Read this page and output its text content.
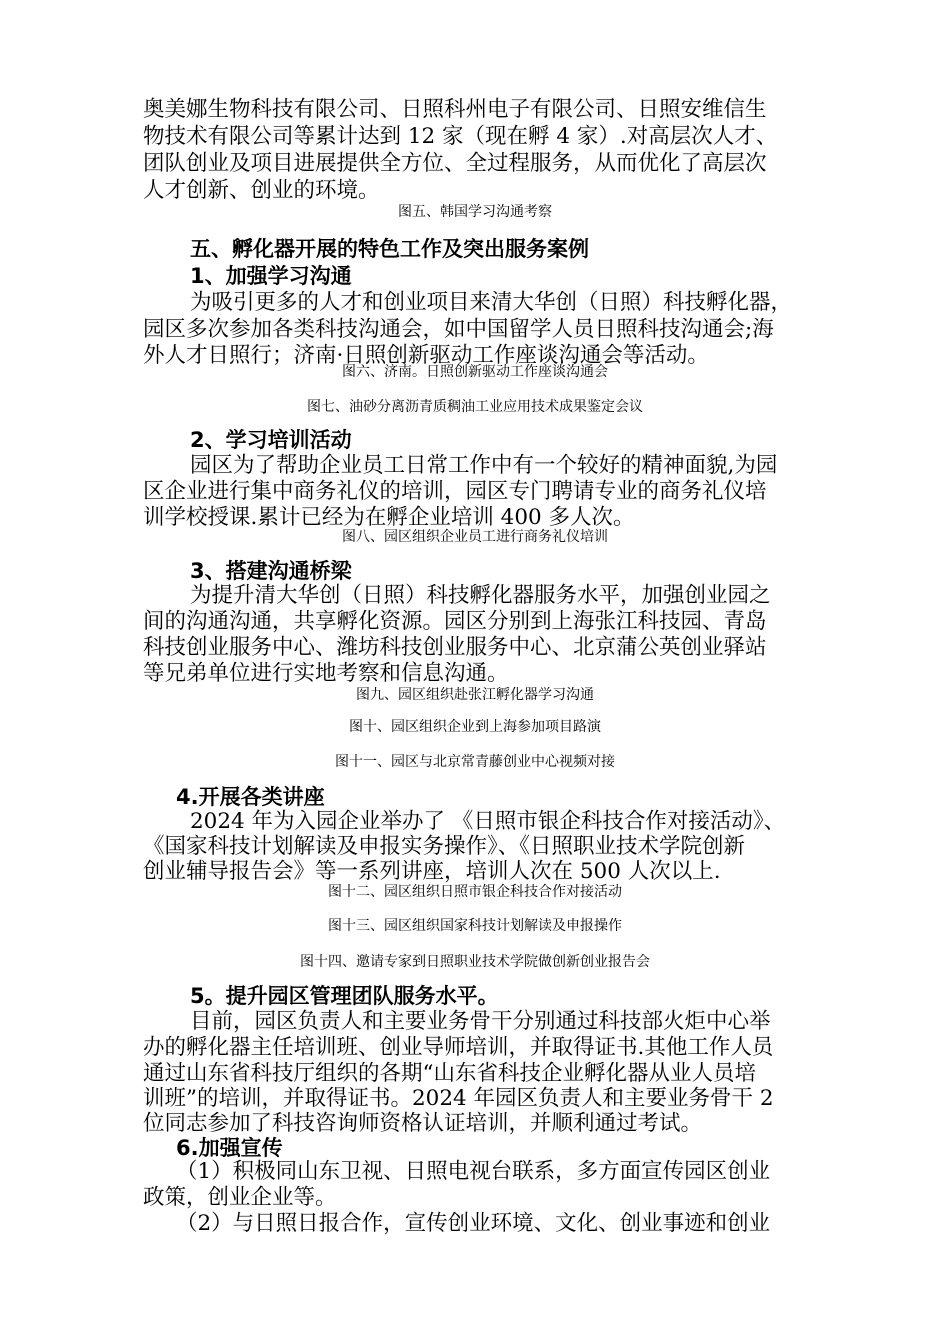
奥美娜生物科技有限公司、日照科州电子有限公司、日照安维信生
物技术有限公司等累计达到 12 家（现在孵 4 家）.对高层次人才、
团队创业及项目进展提供全方位、全过程服务，从而优化了高层次
人才创新、创业的环境。
图五、韩国学习沟通考察
五、孵化器开展的特色工作及突出服务案例
1、加强学习沟通
为吸引更多的人才和创业项目来清大华创（日照）科技孵化器，
园区多次参加各类科技沟通会，如中国留学人员日照科技沟通会;海
外人才日照行；济南·日照创新驱动工作座谈沟通会等活动。
图六、济南。日照创新驱动工作座谈沟通会
图七、油砂分离沥青质稠油工业应用技术成果鉴定会议
2、学习培训活动
园区为了帮助企业员工日常工作中有一个较好的精神面貌,为园
区企业进行集中商务礼仪的培训，园区专门聘请专业的商务礼仪培
训学校授课.累计已经为在孵企业培训 400 多人次。
图八、园区组织企业员工进行商务礼仪培训
3、搭建沟通桥梁
为提升清大华创（日照）科技孵化器服务水平，加强创业园之
间的沟通沟通，共享孵化资源。园区分别到上海张江科技园、青岛
科技创业服务中心、潍坊科技创业服务中心、北京蒲公英创业驿站
等兄弟单位进行实地考察和信息沟通。
图九、园区组织赴张江孵化器学习沟通
图十、园区组织企业到上海参加项目路演
图十一、园区与北京常青藤创业中心视频对接
4.开展各类讲座
2024 年为入园企业举办了 《日照市银企科技合作对接活动》、
《国家科技计划解读及申报实务操作》、《日照职业技术学院创新
创业辅导报告会》等一系列讲座，培训人次在 500 人次以上.
图十二、园区组织日照市银企科技合作对接活动
图十三、园区组织国家科技计划解读及申报操作
图十四、邀请专家到日照职业技术学院做创新创业报告会
5。提升园区管理团队服务水平。
目前，园区负责人和主要业务骨干分别通过科技部火炬中心举
办的孵化器主任培训班、创业导师培训，并取得证书.其他工作人员
通过山东省科技厅组织的各期“山东省科技企业孵化器从业人员培
训班”的培训，并取得证书。2024 年园区负责人和主要业务骨干 2
位同志参加了科技咨询师资格认证培训，并顺利通过考试。
6.加强宣传
（1）积极同山东卫视、日照电视台联系，多方面宣传园区创业
政策，创业企业等。
（2）与日照日报合作，宣传创业环境、文化、创业事迹和创业
